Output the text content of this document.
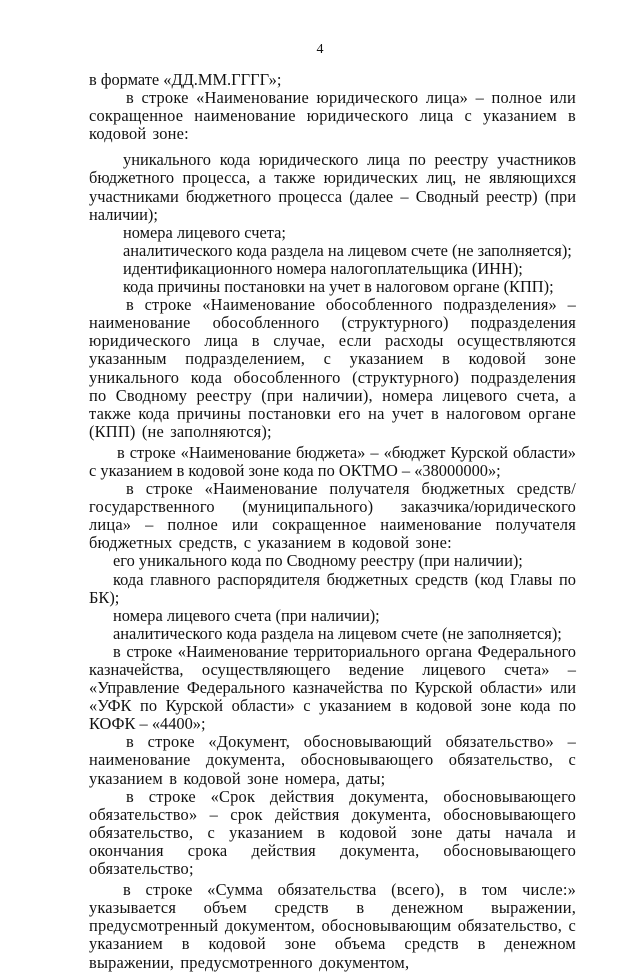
4

в формате «ДД.ММ.ГГГГ»;

в строке «Наименование юридического лица» – полное или сокращенное наименование юридического лица с указанием в кодовой зоне:

уникального кода юридического лица по реестру участников бюджетного процесса, а также юридических лиц, не являющихся участниками бюджетного процесса (далее – Сводный реестр) (при наличии);

номера лицевого счета;

аналитического кода раздела на лицевом счете (не заполняется);

идентификационного номера налогоплательщика (ИНН);

кода причины постановки на учет в налоговом органе (КПП);

в строке «Наименование обособленного подразделения» – наименование обособленного (структурного) подразделения юридического лица в случае, если расходы осуществляются указанным подразделением, с указанием в кодовой зоне уникального кода обособленного (структурного) подразделения по Сводному реестру (при наличии), номера лицевого счета, а также кода причины постановки его на учет в налоговом органе (КПП) (не заполняются);

в строке «Наименование бюджета» – «бюджет Курской области» с указанием в кодовой зоне кода по ОКТМО – «38000000»;

в строке «Наименование получателя бюджетных средств/государственного (муниципального) заказчика/юридического лица» – полное или сокращенное наименование получателя бюджетных средств, с указанием в кодовой зоне:

его уникального кода по Сводному реестру (при наличии);

кода главного распорядителя бюджетных средств (код Главы по БК);

номера лицевого счета (при наличии);

аналитического кода раздела на лицевом счете (не заполняется);

в строке «Наименование территориального органа Федерального казначейства, осуществляющего ведение лицевого счета» – «Управление Федерального казначейства по Курской области» или «УФК по Курской области» с указанием в кодовой зоне кода по КОФК – «4400»;

в строке «Документ, обосновывающий обязательство» – наименование документа, обосновывающего обязательство, с указанием в кодовой зоне номера, даты;

в строке «Срок действия документа, обосновывающего обязательство» – срок действия документа, обосновывающего обязательство, с указанием в кодовой зоне даты начала и окончания срока действия документа, обосновывающего обязательство;

в строке «Сумма обязательства (всего), в том числе:» указывается объем средств в денежном выражении, предусмотренный документом, обосновывающим обязательство, с указанием в кодовой зоне объема средств в денежном выражении, предусмотренного документом,
